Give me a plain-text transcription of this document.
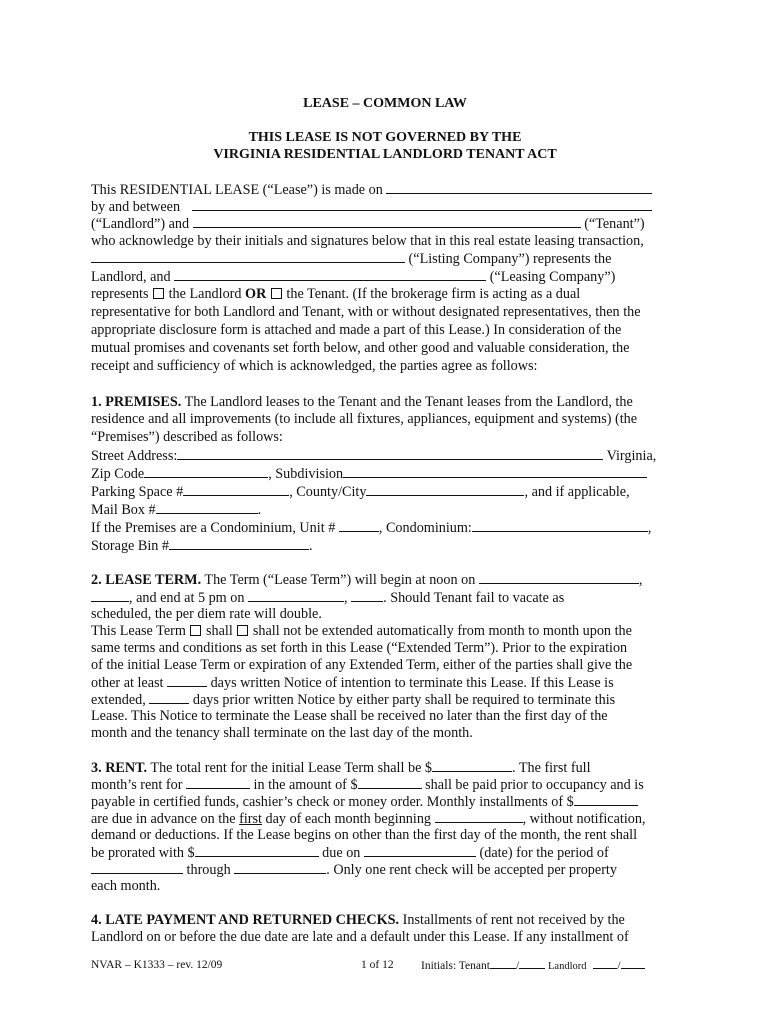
LEASE – COMMON LAW
THIS LEASE IS NOT GOVERNED BY THE
VIRGINIA RESIDENTIAL LANDLORD TENANT ACT
This RESIDENTIAL LEASE (“Lease”) is made on
by and between
(“Landlord”) and	(“Tenant”)
who acknowledge by their initials and signatures below that in this real estate leasing transaction,
(“Listing Company”) represents the
Landlord, and	(“Leasing Company”)
represents the Landlord OR the Tenant. (If the brokerage firm is acting as a dual
representative for both Landlord and Tenant, with or without designated representatives, then the
appropriate disclosure form is attached and made a part of this Lease.) In consideration of the
mutual promises and covenants set forth below, and other good and valuable consideration, the
receipt and sufficiency of which is acknowledged, the parties agree as follows:
1. PREMISES. The Landlord leases to the Tenant and the Tenant leases from the Landlord, the
residence and all improvements (to include all fixtures, appliances, equipment and systems) (the
“Premises”) described as follows:
Street Address:	Virginia,
Zip Code	, Subdivision
Parking Space #	, County/City	, and if applicable,
Mail Box #	.
If the Premises are a Condominium, Unit #	, Condominium:	,
Storage Bin #	.
2. LEASE TERM. The Term (“Lease Term”) will begin at noon on	,
, and end at 5 pm on	, . Should Tenant fail to vacate as
scheduled, the per diem rate will double.
This Lease Term shall shall not be extended automatically from month to month upon the
same terms and conditions as set forth in this Lease (“Extended Term”). Prior to the expiration
of the initial Lease Term or expiration of any Extended Term, either of the parties shall give the
other at least	days written Notice of intention to terminate this Lease. If this Lease is
extended,	days prior written Notice by either party shall be required to terminate this
Lease. This Notice to terminate the Lease shall be received no later than the first day of the
month and the tenancy shall terminate on the last day of the month.
3. RENT. The total rent for the initial Lease Term shall be $	. The first full
month’s rent for	in the amount of $	shall be paid prior to occupancy and is
payable in certified funds, cashier’s check or money order. Monthly installments of $
are due in advance on the first day of each month beginning	, without notification,
demand or deductions. If the Lease begins on other than the first day of the month, the rent shall
be prorated with $	due on	(date) for the period of
through	. Only one rent check will be accepted per property
each month.
4. LATE PAYMENT AND RETURNED CHECKS. Installments of rent not received by the
Landlord on or before the due date are late and a default under this Lease. If any installment of
NVAR – K1333 – rev. 12/09	1 of 12 Initials: Tenant /	Landlord	/
